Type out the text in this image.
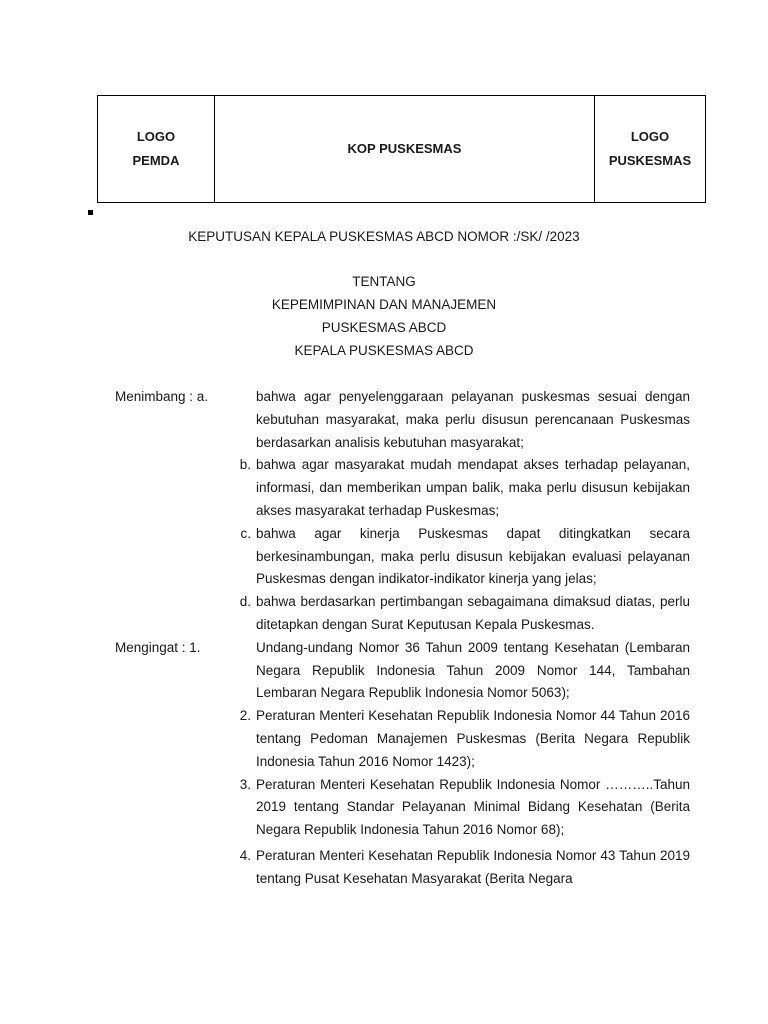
LOGO
PEMDA
KOP PUSKESMAS
LOGO
PUSKESMAS
KEPUTUSAN KEPALA PUSKESMAS ABCD NOMOR :/SK/ /2023
TENTANG
KEPEMIMPINAN DAN MANAJEMEN
PUSKESMAS ABCD
KEPALA PUSKESMAS ABCD
Menimbang : a.	bahwa agar penyelenggaraan pelayanan puskesmas sesuai dengan kebutuhan masyarakat, maka perlu disusun perencanaan Puskesmas berdasarkan analisis kebutuhan masyarakat;
b. bahwa agar masyarakat mudah mendapat akses terhadap pelayanan, informasi, dan memberikan umpan balik, maka perlu disusun kebijakan akses masyarakat terhadap Puskesmas;
c. bahwa agar kinerja Puskesmas dapat ditingkatkan secara berkesinambungan, maka perlu disusun kebijakan evaluasi pelayanan Puskesmas dengan indikator-indikator kinerja yang jelas;
d. bahwa berdasarkan pertimbangan sebagaimana dimaksud diatas, perlu ditetapkan dengan Surat Keputusan Kepala Puskesmas.
Mengingat : 1.	Undang-undang Nomor 36 Tahun 2009 tentang Kesehatan (Lembaran Negara Republik Indonesia Tahun 2009 Nomor 144, Tambahan Lembaran Negara Republik Indonesia Nomor 5063);
2. Peraturan Menteri Kesehatan Republik Indonesia Nomor 44 Tahun 2016 tentang Pedoman Manajemen Puskesmas (Berita Negara Republik Indonesia Tahun 2016 Nomor 1423);
3. Peraturan Menteri Kesehatan Republik Indonesia Nomor ………..Tahun 2019 tentang Standar Pelayanan Minimal Bidang Kesehatan (Berita Negara Republik Indonesia Tahun 2016 Nomor 68);
4. Peraturan Menteri Kesehatan Republik Indonesia Nomor 43 Tahun 2019 tentang Pusat Kesehatan Masyarakat (Berita Negara
